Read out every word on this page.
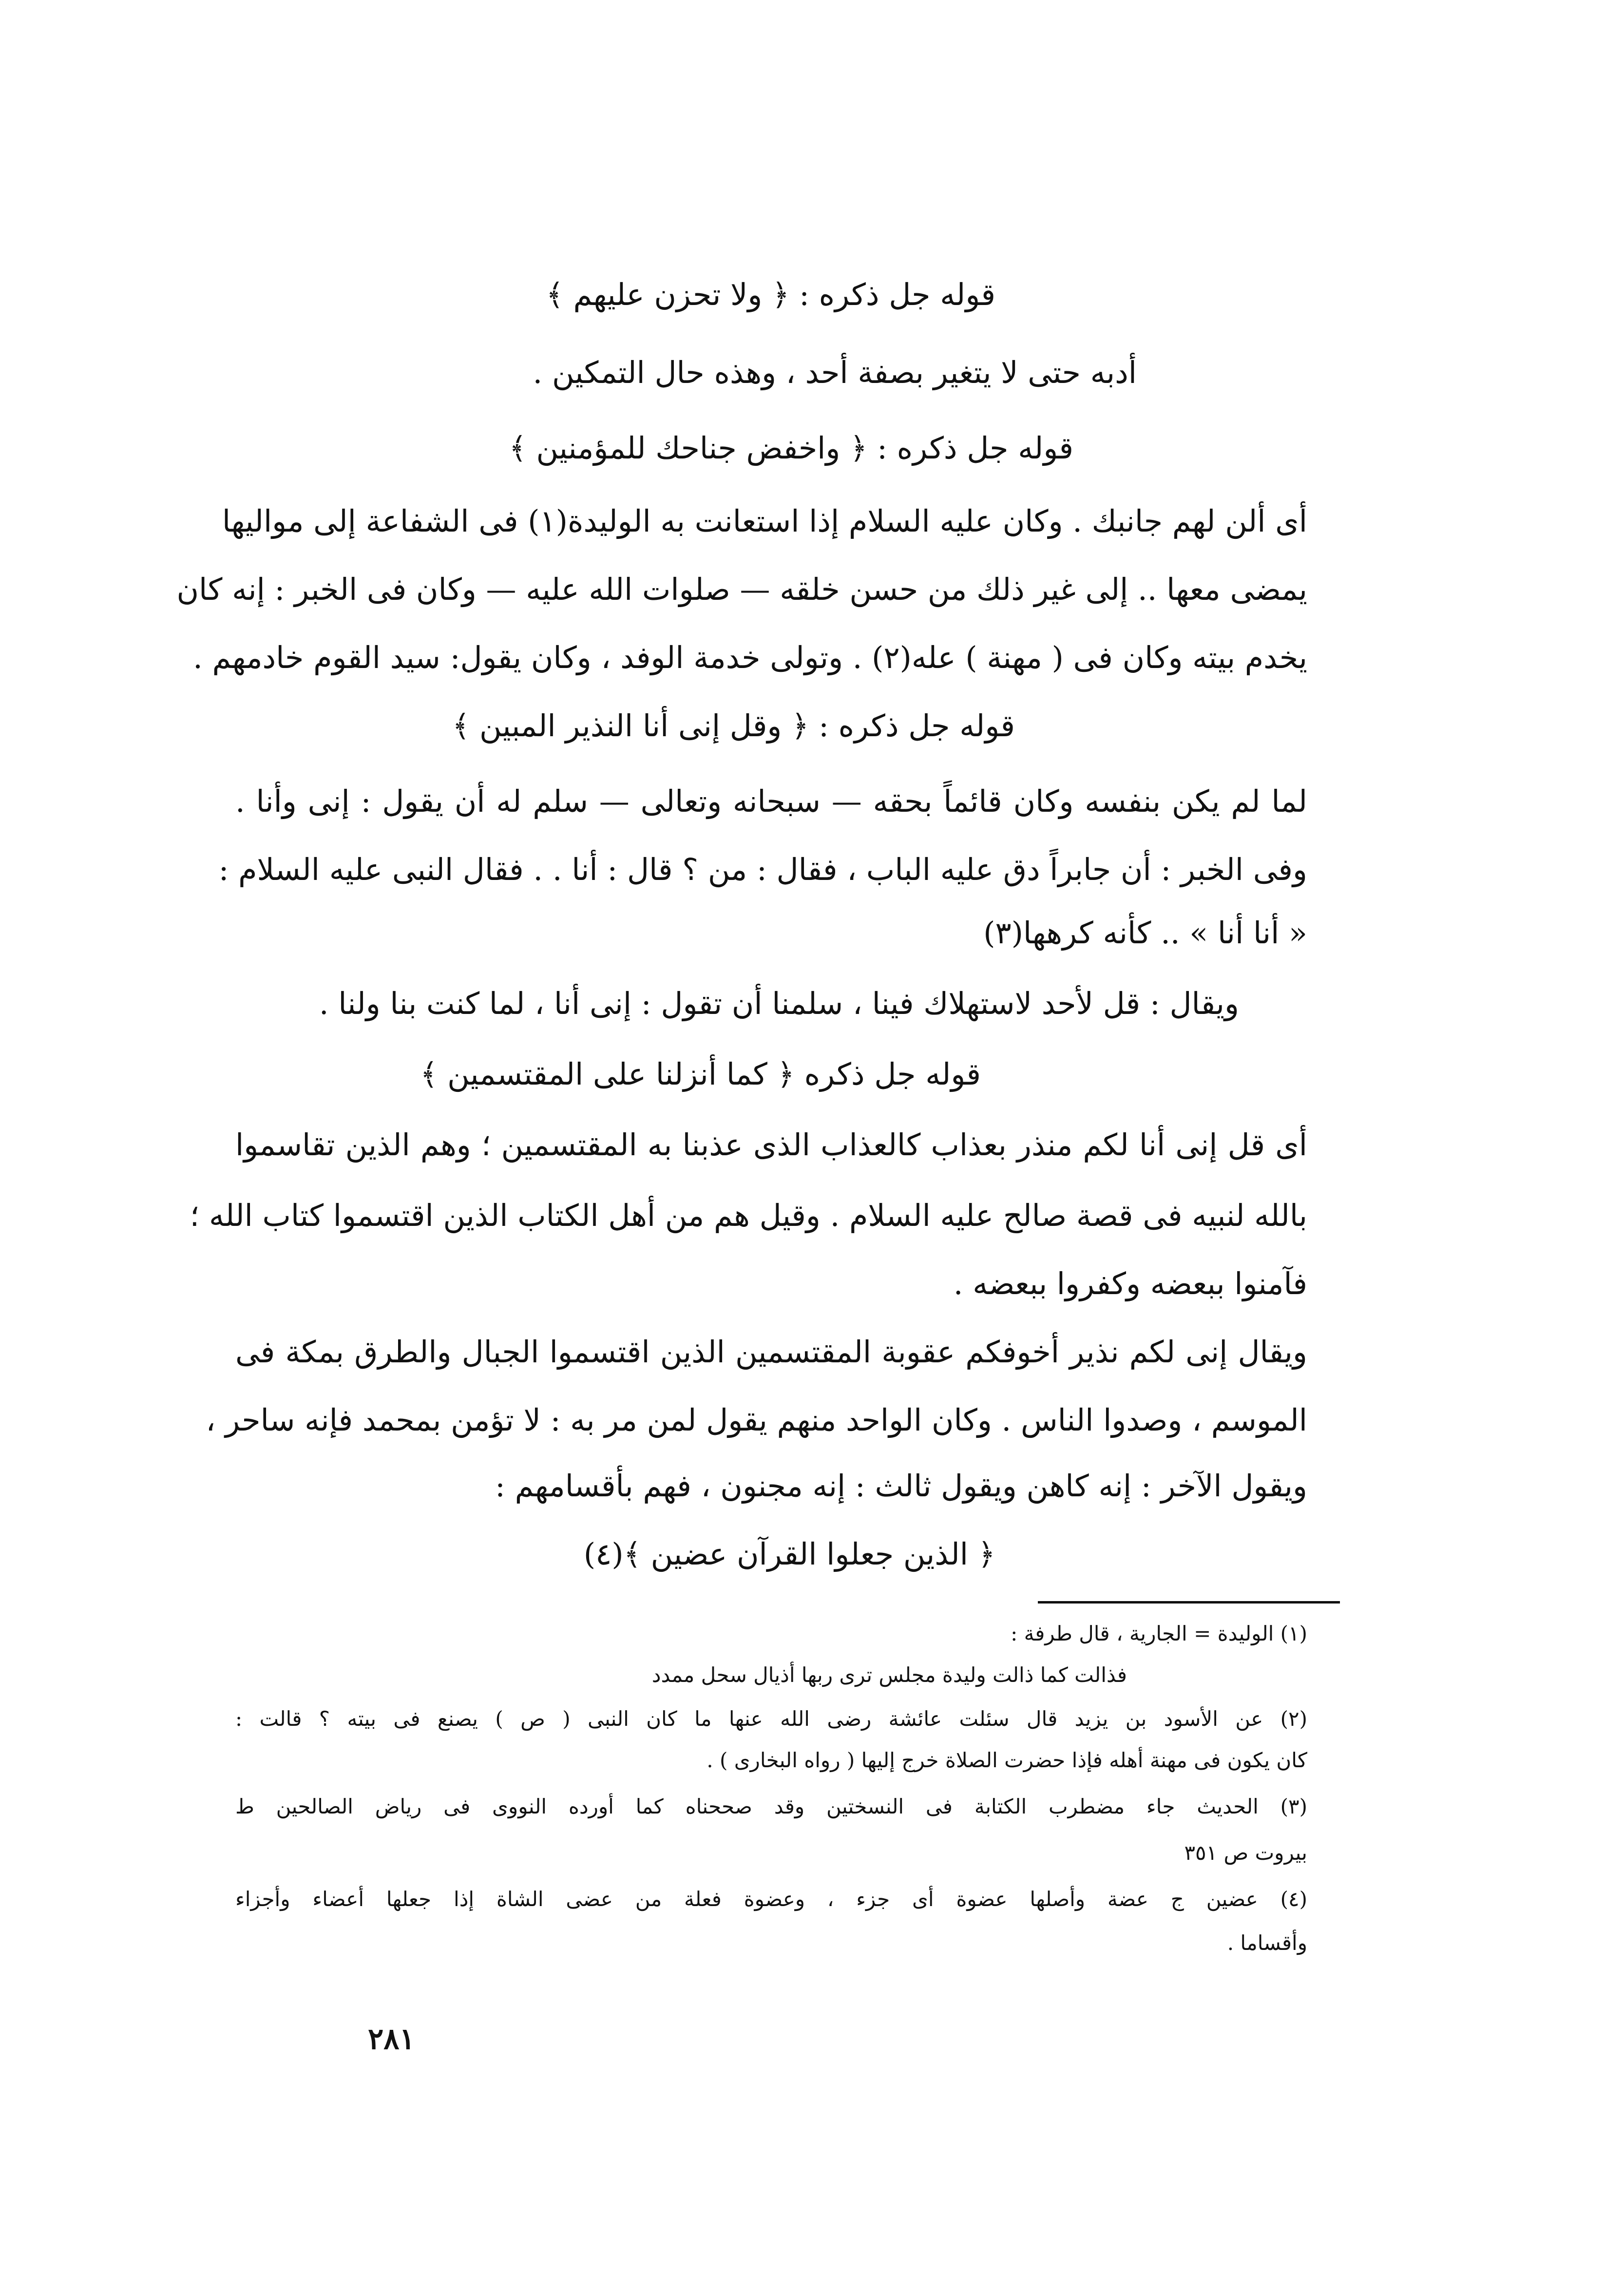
قوله جل ذكره : ﴿ ولا تحزن عليهم ﴾
أدبه حتى لا يتغير بصفة أحد ، وهذه حال التمكين .
قوله جل ذكره : ﴿ واخفض جناحك للمؤمنين ﴾
أى ألن لهم جانبك . وكان عليه السلام إذا استعانت به الوليدة(١) فى الشفاعة إلى مواليها
يمضى معها .. إلى غير ذلك من حسن خلقه — صلوات الله عليه — وكان فى الخبر : إنه كان
يخدم بيته وكان فى ( مهنة ) عله(٢) . وتولى خدمة الوفد ، وكان يقول: سيد القوم خادمهم .
قوله جل ذكره : ﴿ وقل إنى أنا النذير المبين ﴾
لما لم يكن بنفسه وكان قائماً بحقه — سبحانه وتعالى — سلم له أن يقول : إنى وأنا .
وفى الخبر : أن جابراً دق عليه الباب ، فقال : من ؟ قال : أنا . . فقال النبى عليه السلام :
« أنا أنا » .. كأنه كرهها(٣)
ويقال : قل لأحد لاستهلاك فينا ، سلمنا أن تقول : إنى أنا ، لما كنت بنا ولنا .
قوله جل ذكره ﴿ كما أنزلنا على المقتسمين ﴾
أى قل إنى أنا لكم منذر بعذاب كالعذاب الذى عذبنا به المقتسمين ؛ وهم الذين تقاسموا
بالله لنبيه فى قصة صالح عليه السلام . وقيل هم من أهل الكتاب الذين اقتسموا كتاب الله ؛
فآمنوا ببعضه وكفروا ببعضه .
ويقال إنى لكم نذير أخوفكم عقوبة المقتسمين الذين اقتسموا الجبال والطرق بمكة فى
الموسم ، وصدوا الناس . وكان الواحد منهم يقول لمن مر به : لا تؤمن بمحمد فإنه ساحر ،
ويقول الآخر : إنه كاهن ويقول ثالث : إنه مجنون ، فهم بأقسامهم :
﴿ الذين جعلوا القرآن عضين ﴾(٤)
(١) الوليدة = الجارية ، قال طرفة :
فذالت كما ذالت وليدة مجلس ترى ربها أذيال سحل ممدد
(٢) عن الأسود بن يزيد قال سئلت عائشة رضى الله عنها ما كان النبى ( ص ) يصنع فى بيته ؟ قالت :
كان يكون فى مهنة أهله فإذا حضرت الصلاة خرج إليها ( رواه البخارى ) .
(٣) الحديث جاء مضطرب الكتابة فى النسختين وقد صححناه كما أورده النووى فى رياض الصالحين ط
بيروت ص ٣٥١
(٤) عضين ج عضة وأصلها عضوة أى جزء ، وعضوة فعلة من عضى الشاة إذا جعلها أعضاء وأجزاء
وأقساما .
٢٨١
